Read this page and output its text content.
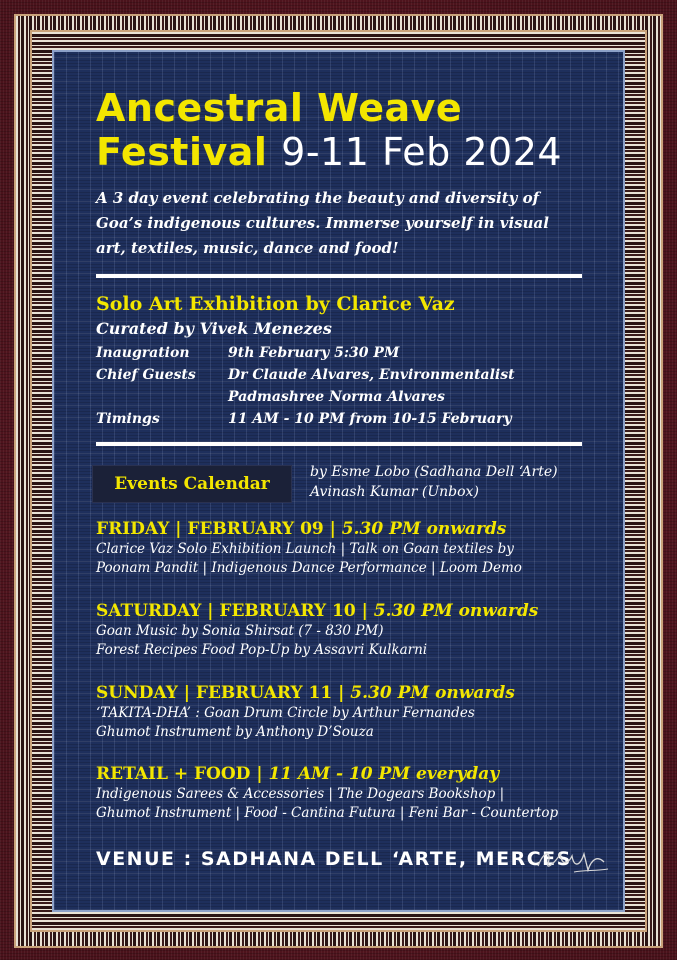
Ancestral Weave
Festival 9-11 Feb 2024

A 3 day event celebrating the beauty and diversity of Goa’s indigenous cultures. Immerse yourself in visual art, textiles, music, dance and food!

Solo Art Exhibition by Clarice Vaz

Curated by Vivek Menezes

Inaugration	9th February 5:30 PM
Chief Guests	Dr Claude Alvares, Environmentalist
Padmashree Norma Alvares
Timings	11 AM - 10 PM from 10-15 February
Events Calendar

by Esme Lobo (Sadhana Dell ‘Arte)
Avinash Kumar (Unbox)

FRIDAY | FEBRUARY 09 | 5.30 PM onwards

Clarice Vaz Solo Exhibition Launch | Talk on Goan textiles by

Poonam Pandit | Indigenous Dance Performance | Loom Demo

SATURDAY | FEBRUARY 10 | 5.30 PM onwards

Goan Music by Sonia Shirsat (7 - 830 PM)

Forest Recipes Food Pop-Up by Assavri Kulkarni

SUNDAY | FEBRUARY 11 | 5.30 PM onwards

‘TAKITA-DHA’ : Goan Drum Circle by Arthur Fernandes

Ghumot Instrument by Anthony D’Souza

RETAIL + FOOD | 11 AM - 10 PM everyday

Indigenous Sarees & Accessories | The Dogears Bookshop |

Ghumot Instrument | Food - Cantina Futura | Feni Bar - Countertop

VENUE : SADHANA DELL ‘ARTE, MERCES
